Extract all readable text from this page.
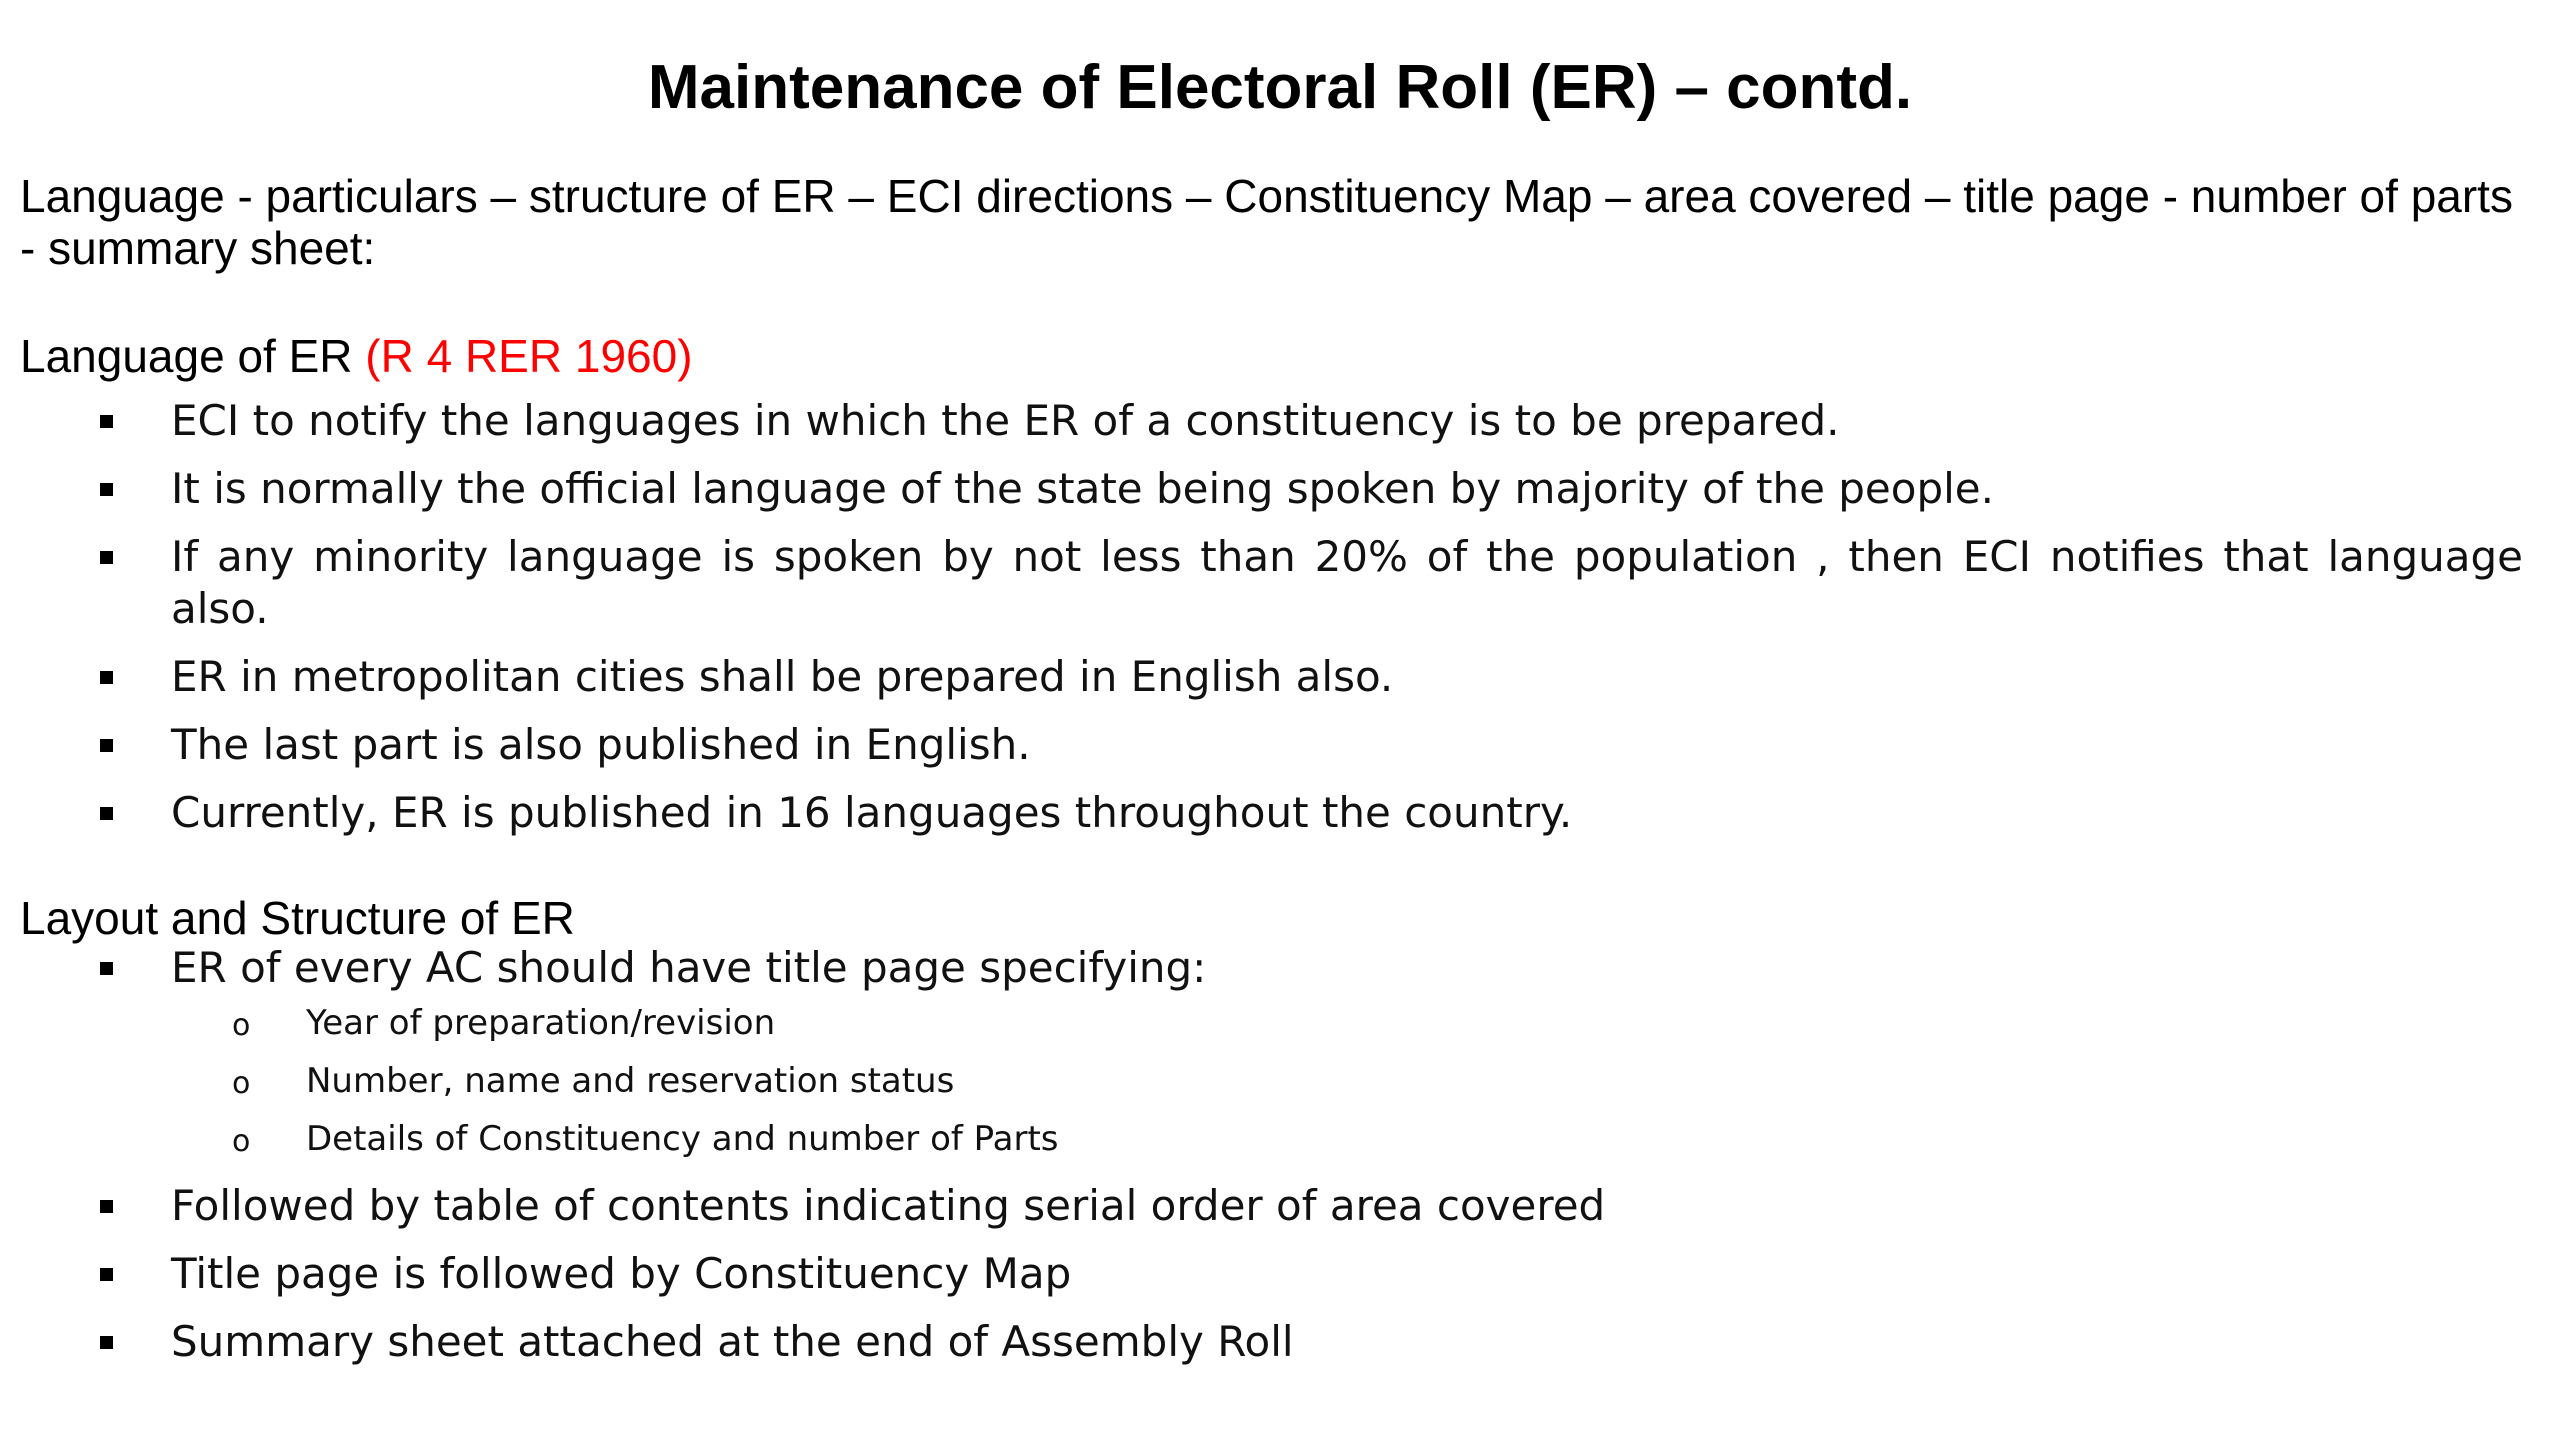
Maintenance of Electoral Roll (ER) – contd.
Language - particulars – structure of ER – ECI directions – Constituency Map – area covered – title page - number of parts - summary sheet:
Language of ER (R 4 RER 1960)
ECI to notify the languages in which the ER of a constituency is to be prepared.
It is normally the official language of the state being spoken by majority of the people.
If any minority language is spoken by not less than 20% of the population , then ECI notifies that language also.
ER in metropolitan cities shall be prepared in English also.
The last part is also published in English.
Currently, ER is published in 16 languages throughout the country.
Layout and Structure of ER
ER of every AC should have title page specifying:
o Year of preparation/revision
o Number, name and reservation status
o Details of Constituency and number of Parts
Followed by table of contents indicating serial order of area covered
Title page is followed by Constituency Map
Summary sheet attached at the end of Assembly Roll
